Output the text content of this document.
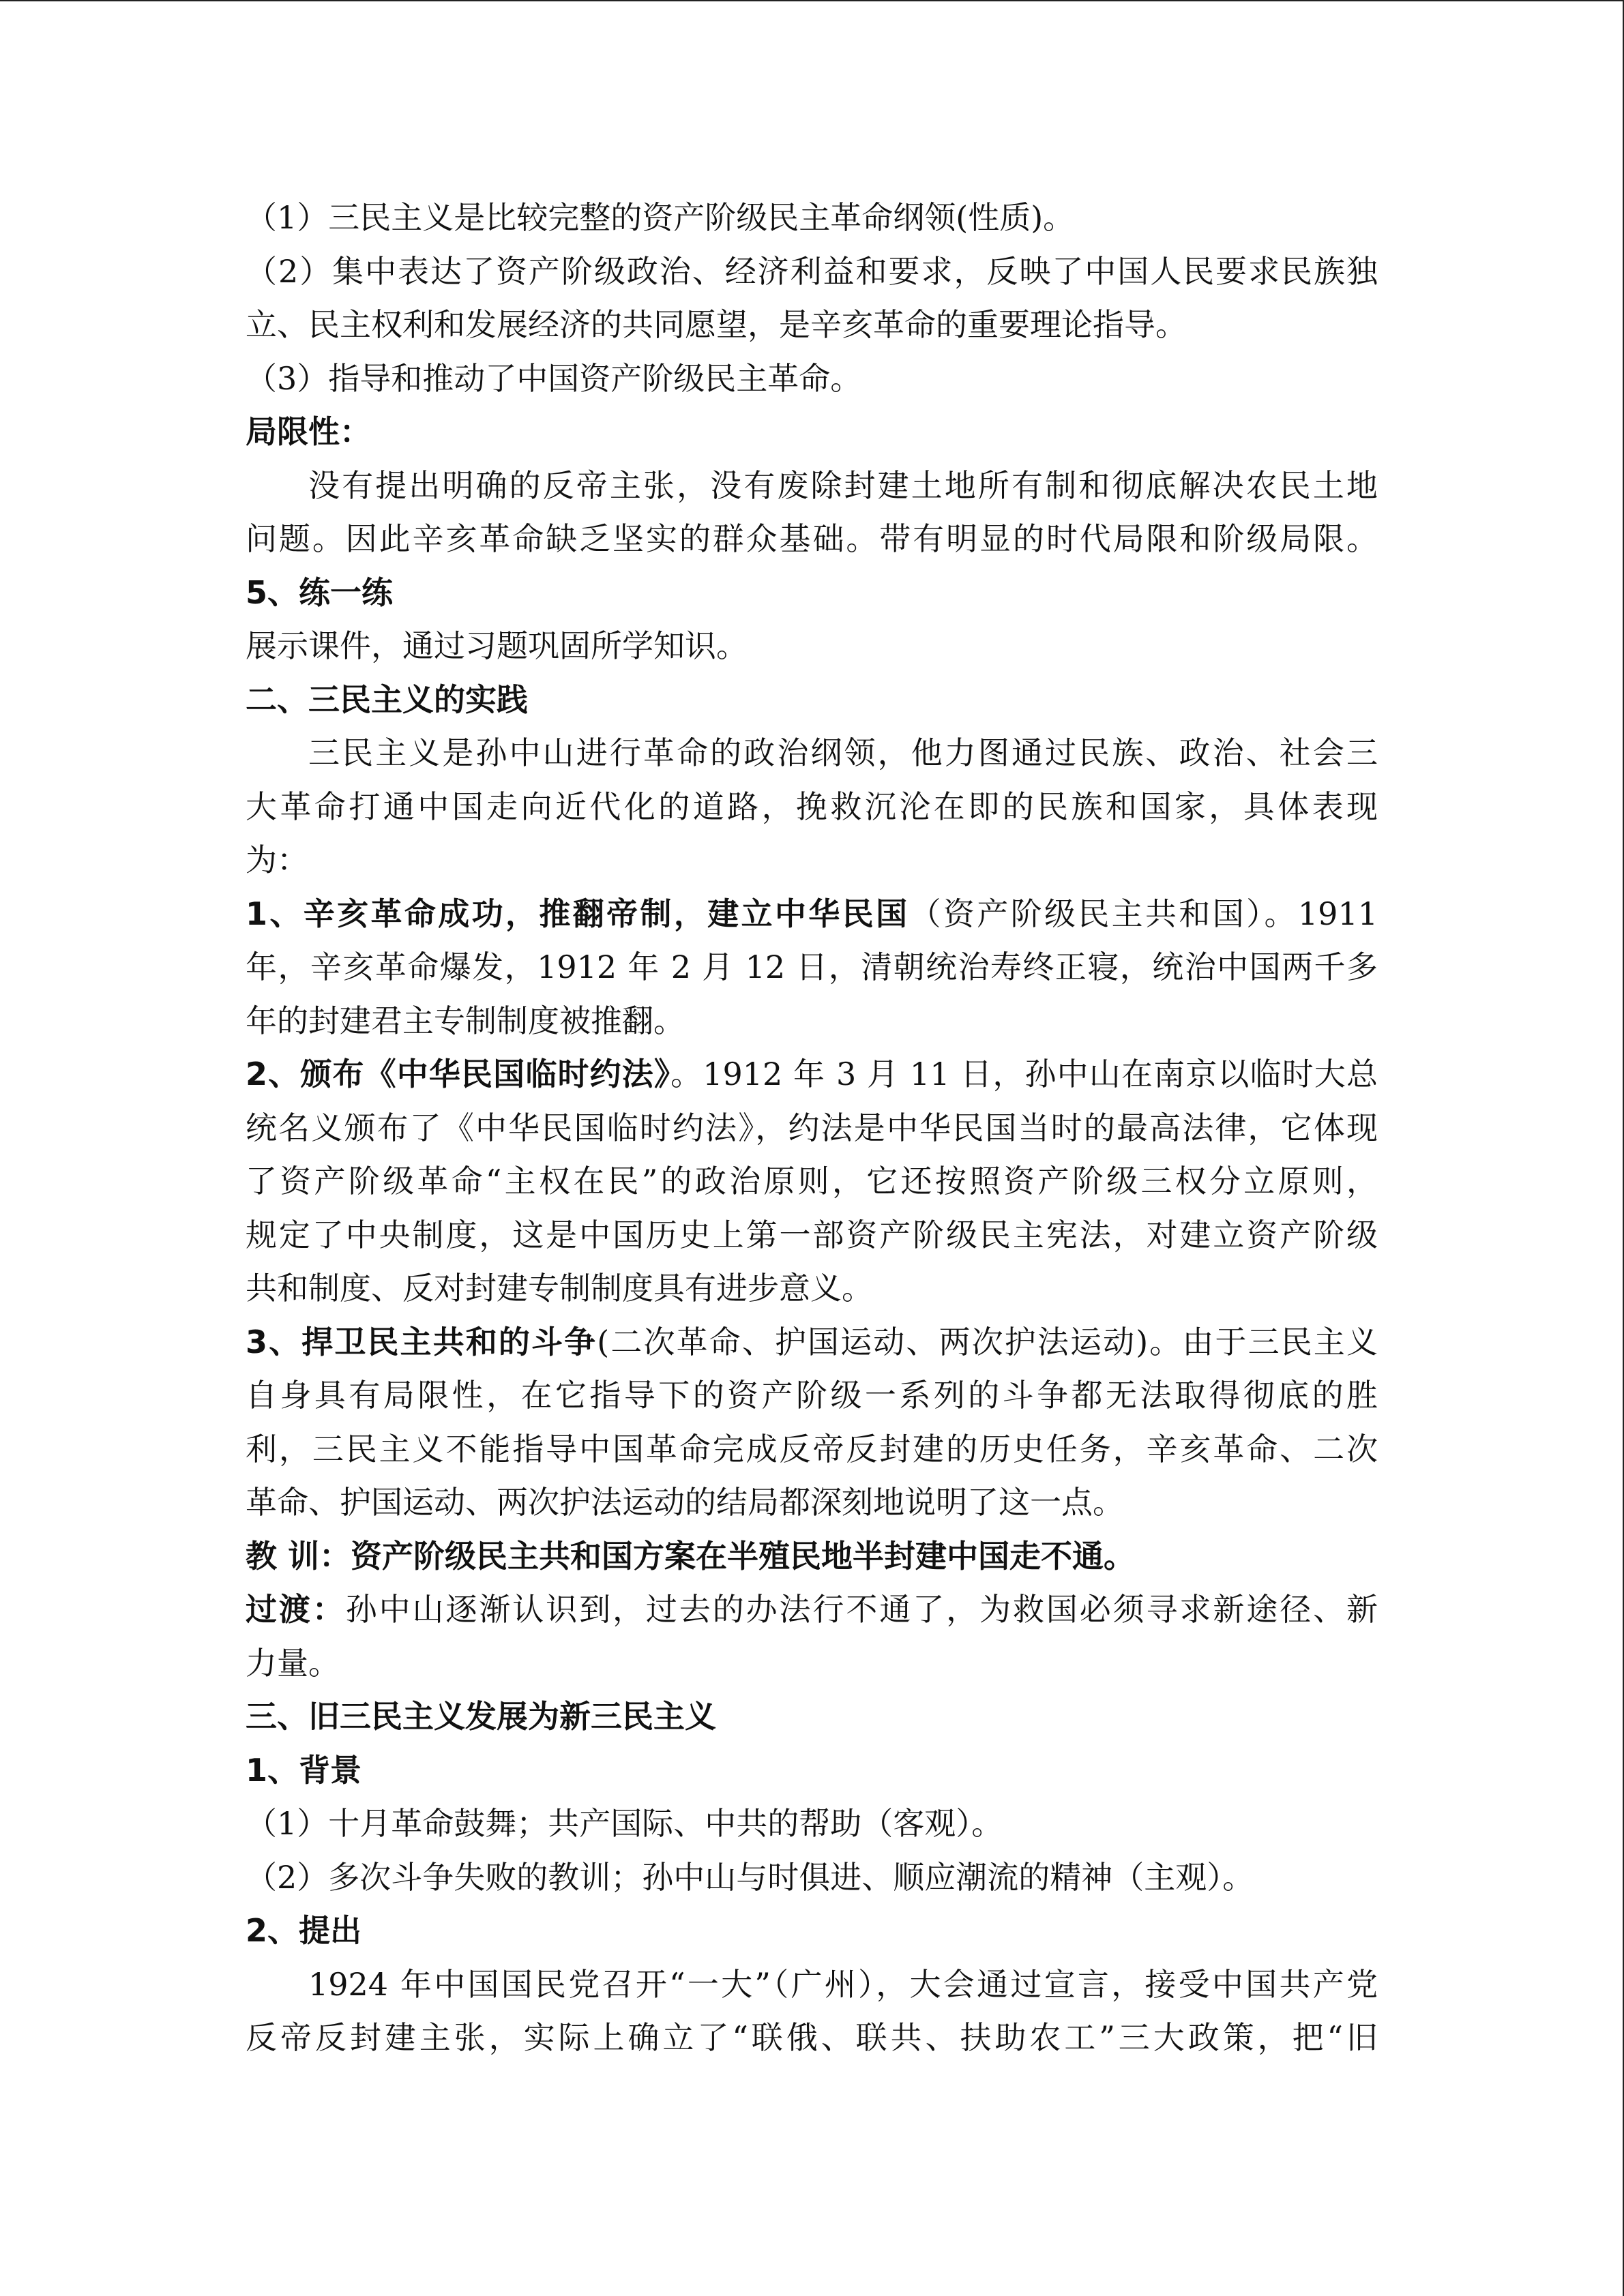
（1）三民主义是比较完整的资产阶级民主革命纲领(性质)。
（2）集中表达了资产阶级政治、经济利益和要求，反映了中国人民要求民族独
立、民主权利和发展经济的共同愿望，是辛亥革命的重要理论指导。
（3）指导和推动了中国资产阶级民主革命。
局限性：
没有提出明确的反帝主张，没有废除封建土地所有制和彻底解决农民土地
问题。因此辛亥革命缺乏坚实的群众基础。带有明显的时代局限和阶级局限。
5、练一练
展示课件，通过习题巩固所学知识。
二、三民主义的实践
三民主义是孙中山进行革命的政治纲领，他力图通过民族、政治、社会三
大革命打通中国走向近代化的道路，挽救沉沦在即的民族和国家，具体表现
为：
1、辛亥革命成功，推翻帝制，建立中华民国（资产阶级民主共和国）。1911
年，辛亥革命爆发，1912 年 2 月 12 日，清朝统治寿终正寝，统治中国两千多
年的封建君主专制制度被推翻。
2、颁布《中华民国临时约法》。1912 年 3 月 11 日，孙中山在南京以临时大总
统名义颁布了《中华民国临时约法》，约法是中华民国当时的最高法律，它体现
了资产阶级革命“主权在民”的政治原则，它还按照资产阶级三权分立原则，
规定了中央制度，这是中国历史上第一部资产阶级民主宪法，对建立资产阶级
共和制度、反对封建专制制度具有进步意义。
3、捍卫民主共和的斗争(二次革命、护国运动、两次护法运动)。由于三民主义
自身具有局限性，在它指导下的资产阶级一系列的斗争都无法取得彻底的胜
利，三民主义不能指导中国革命完成反帝反封建的历史任务，辛亥革命、二次
革命、护国运动、两次护法运动的结局都深刻地说明了这一点。
教 训：资产阶级民主共和国方案在半殖民地半封建中国走不通。
过渡：孙中山逐渐认识到，过去的办法行不通了，为救国必须寻求新途径、新
力量。
三、旧三民主义发展为新三民主义
1、背景
（1）十月革命鼓舞；共产国际、中共的帮助（客观）。
（2）多次斗争失败的教训；孙中山与时俱进、顺应潮流的精神（主观）。
2、提出
1924 年中国国民党召开“一大”（广州），大会通过宣言，接受中国共产党
反帝反封建主张，实际上确立了“联俄、联共、扶助农工”三大政策，把“旧
